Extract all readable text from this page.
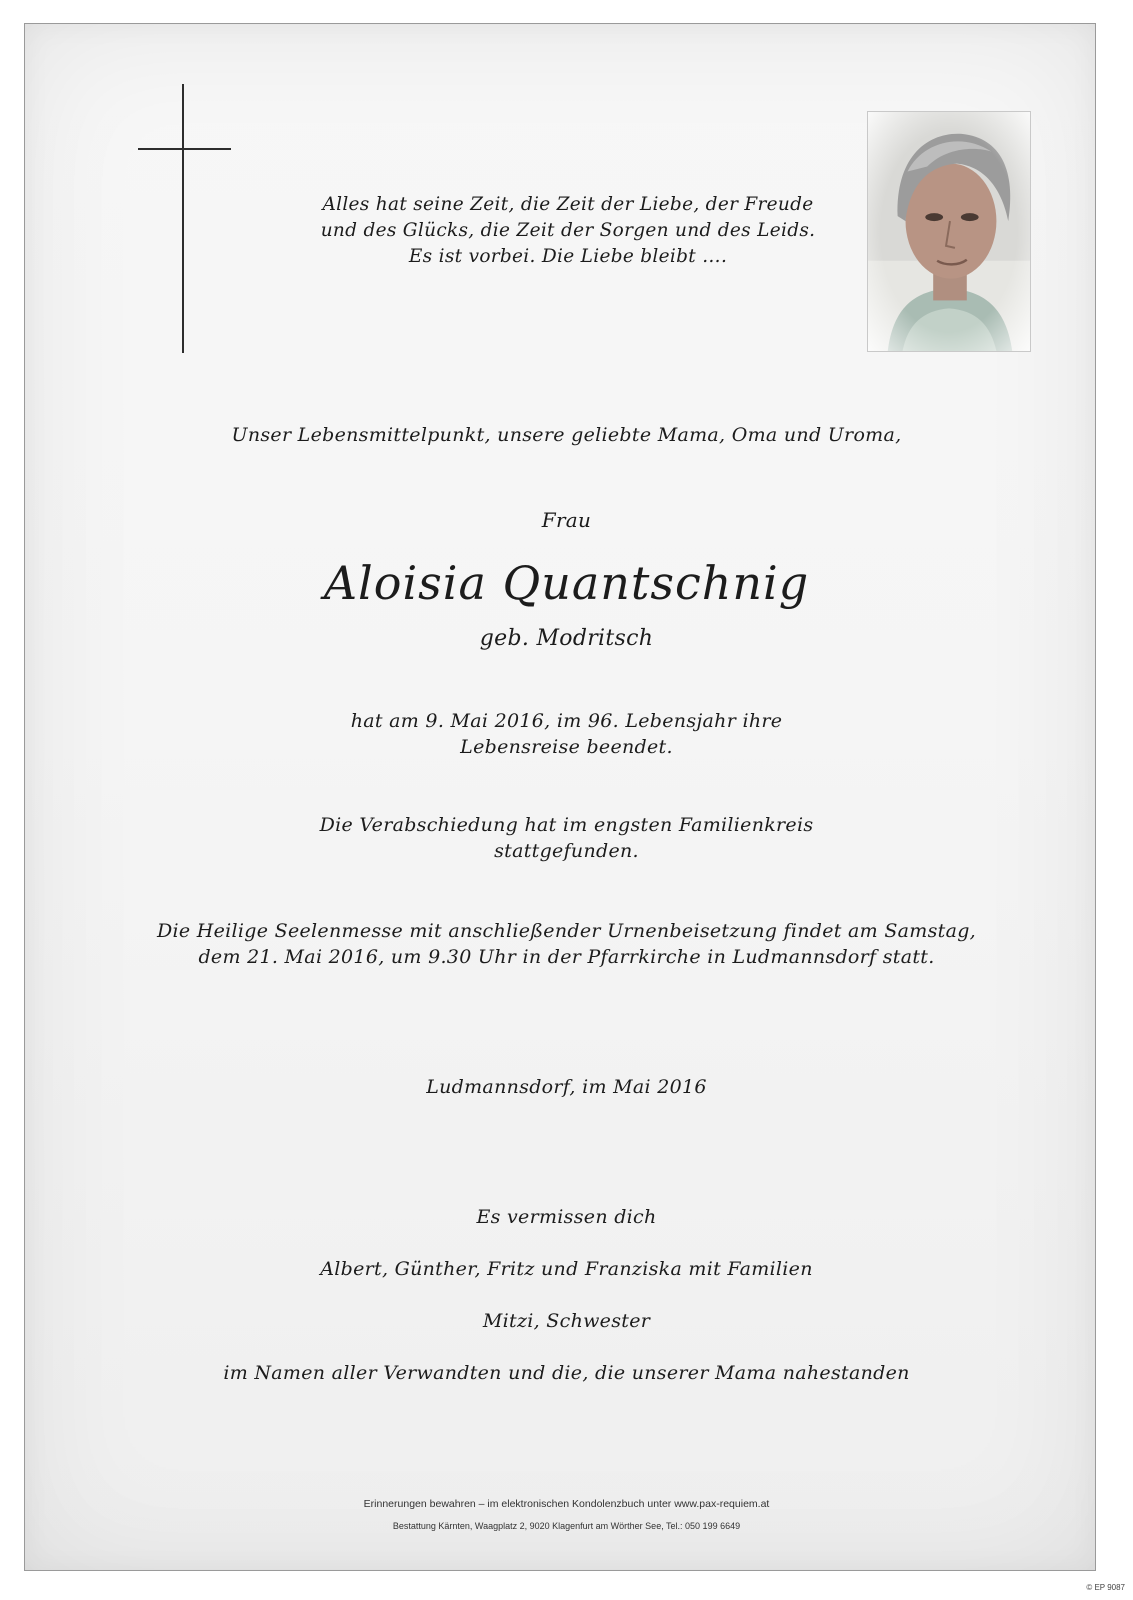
Alles hat seine Zeit, die Zeit der Liebe, der Freude
und des Glücks, die Zeit der Sorgen und des Leids.
Es ist vorbei. Die Liebe bleibt ….
Unser Lebensmittelpunkt, unsere geliebte Mama, Oma und Uroma,
Frau
Aloisia Quantschnig
geb. Modritsch
hat am 9. Mai 2016, im 96. Lebensjahr ihre
Lebensreise beendet.
Die Verabschiedung hat im engsten Familienkreis
stattgefunden.
Die Heilige Seelenmesse mit anschließender Urnenbeisetzung findet am Samstag,
dem 21. Mai 2016, um 9.30 Uhr in der Pfarrkirche in Ludmannsdorf statt.
Ludmannsdorf, im Mai 2016
Es vermissen dich
Albert, Günther, Fritz und Franziska mit Familien
Mitzi, Schwester
im Namen aller Verwandten und die, die unserer Mama nahestanden
Erinnerungen bewahren – im elektronischen Kondolenzbuch unter www.pax-requiem.at
Bestattung Kärnten, Waagplatz 2, 9020 Klagenfurt am Wörther See, Tel.: 050 199 6649
© EP 9087
